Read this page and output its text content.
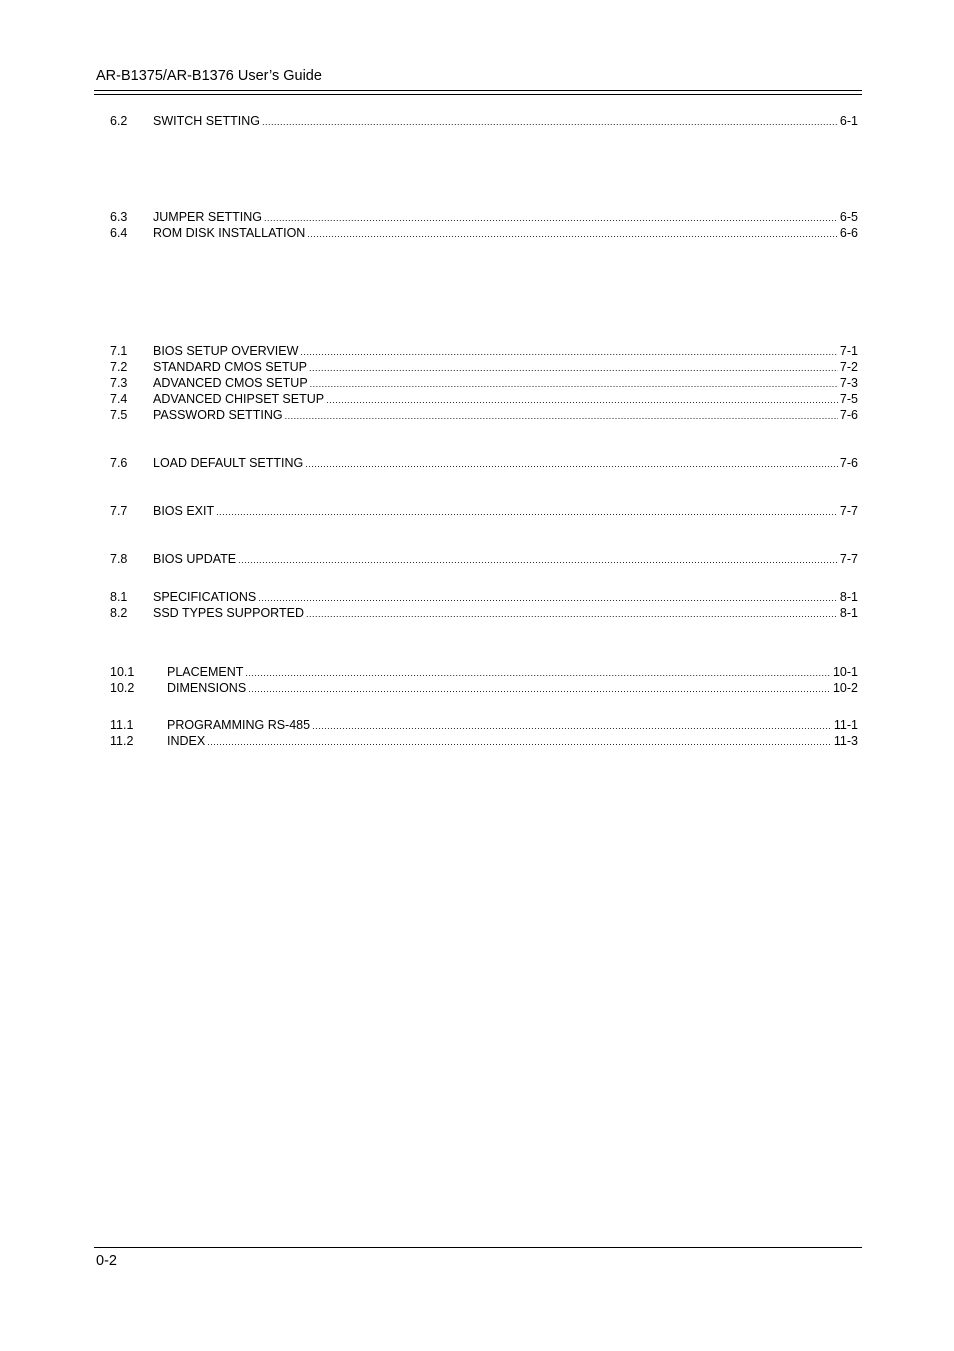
AR-B1375/AR-B1376 User’s Guide
6.2	SWITCH SETTING .....	6-1
6.3	JUMPER SETTING .....	6-5
6.4	ROM DISK INSTALLATION .....	6-6
7.1	BIOS SETUP OVERVIEW .....	7-1
7.2	STANDARD CMOS SETUP .....	7-2
7.3	ADVANCED CMOS SETUP .....	7-3
7.4	ADVANCED CHIPSET SETUP .....	7-5
7.5	PASSWORD SETTING .....	7-6
7.6	LOAD DEFAULT SETTING .....	7-6
7.7	BIOS EXIT .....	7-7
7.8	BIOS UPDATE .....	7-7
8.1	SPECIFICATIONS .....	8-1
8.2	SSD TYPES SUPPORTED .....	8-1
10.1	PLACEMENT .....	10-1
10.2	DIMENSIONS .....	10-2
11.1	PROGRAMMING RS-485 .....	11-1
11.2	INDEX .....	11-3
0-2
